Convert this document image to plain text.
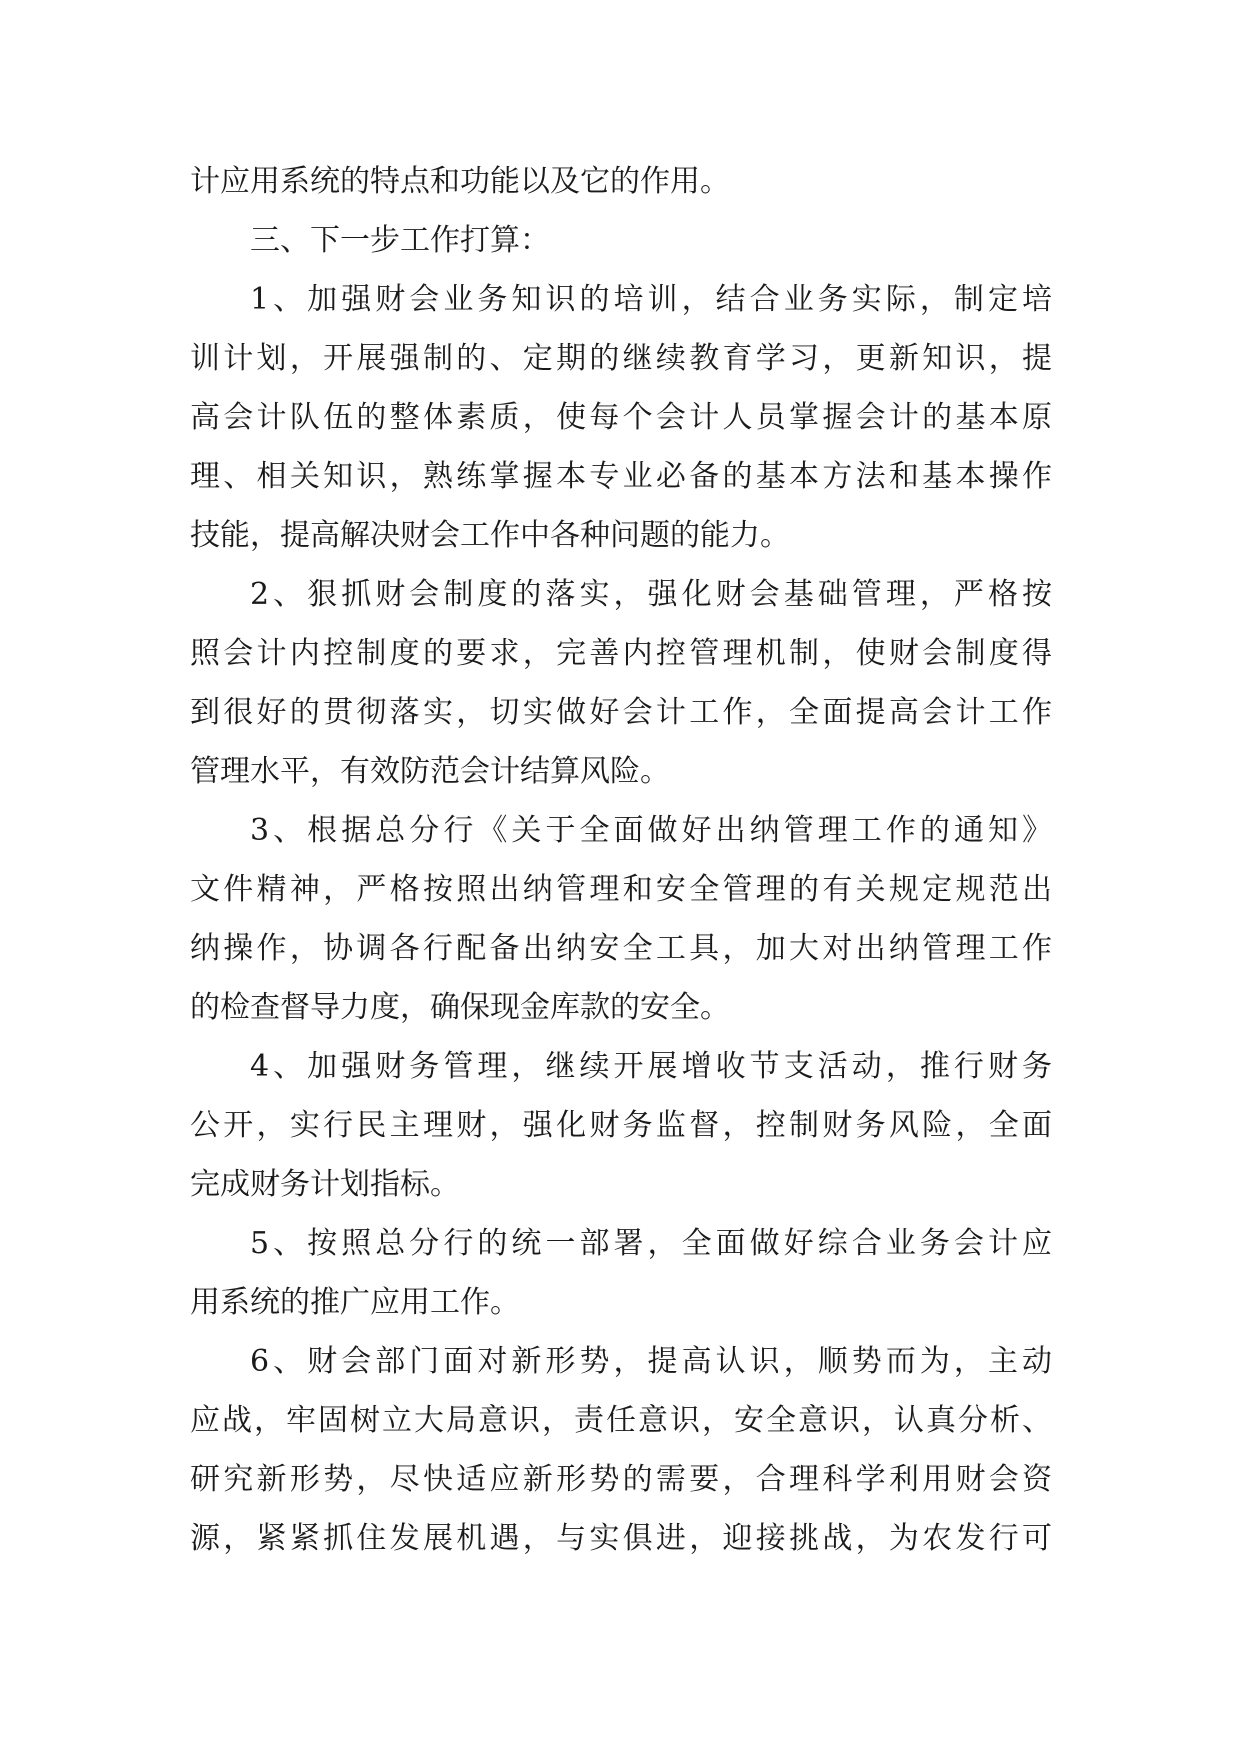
计应用系统的特点和功能以及它的作用。
三、下一步工作打算：
1、加强财会业务知识的培训，结合业务实际，制定培
训计划，开展强制的、定期的继续教育学习，更新知识，提
高会计队伍的整体素质，使每个会计人员掌握会计的基本原
理、相关知识，熟练掌握本专业必备的基本方法和基本操作
技能，提高解决财会工作中各种问题的能力。
2、狠抓财会制度的落实，强化财会基础管理，严格按
照会计内控制度的要求，完善内控管理机制，使财会制度得
到很好的贯彻落实，切实做好会计工作，全面提高会计工作
管理水平，有效防范会计结算风险。
3、根据总分行《关于全面做好出纳管理工作的通知》
文件精神，严格按照出纳管理和安全管理的有关规定规范出
纳操作，协调各行配备出纳安全工具，加大对出纳管理工作
的检查督导力度，确保现金库款的安全。
4、加强财务管理，继续开展增收节支活动，推行财务
公开，实行民主理财，强化财务监督，控制财务风险，全面
完成财务计划指标。
5、按照总分行的统一部署，全面做好综合业务会计应
用系统的推广应用工作。
6、财会部门面对新形势，提高认识，顺势而为，主动
应战，牢固树立大局意识，责任意识，安全意识，认真分析、
研究新形势，尽快适应新形势的需要，合理科学利用财会资
源，紧紧抓住发展机遇，与实俱进，迎接挑战，为农发行可
